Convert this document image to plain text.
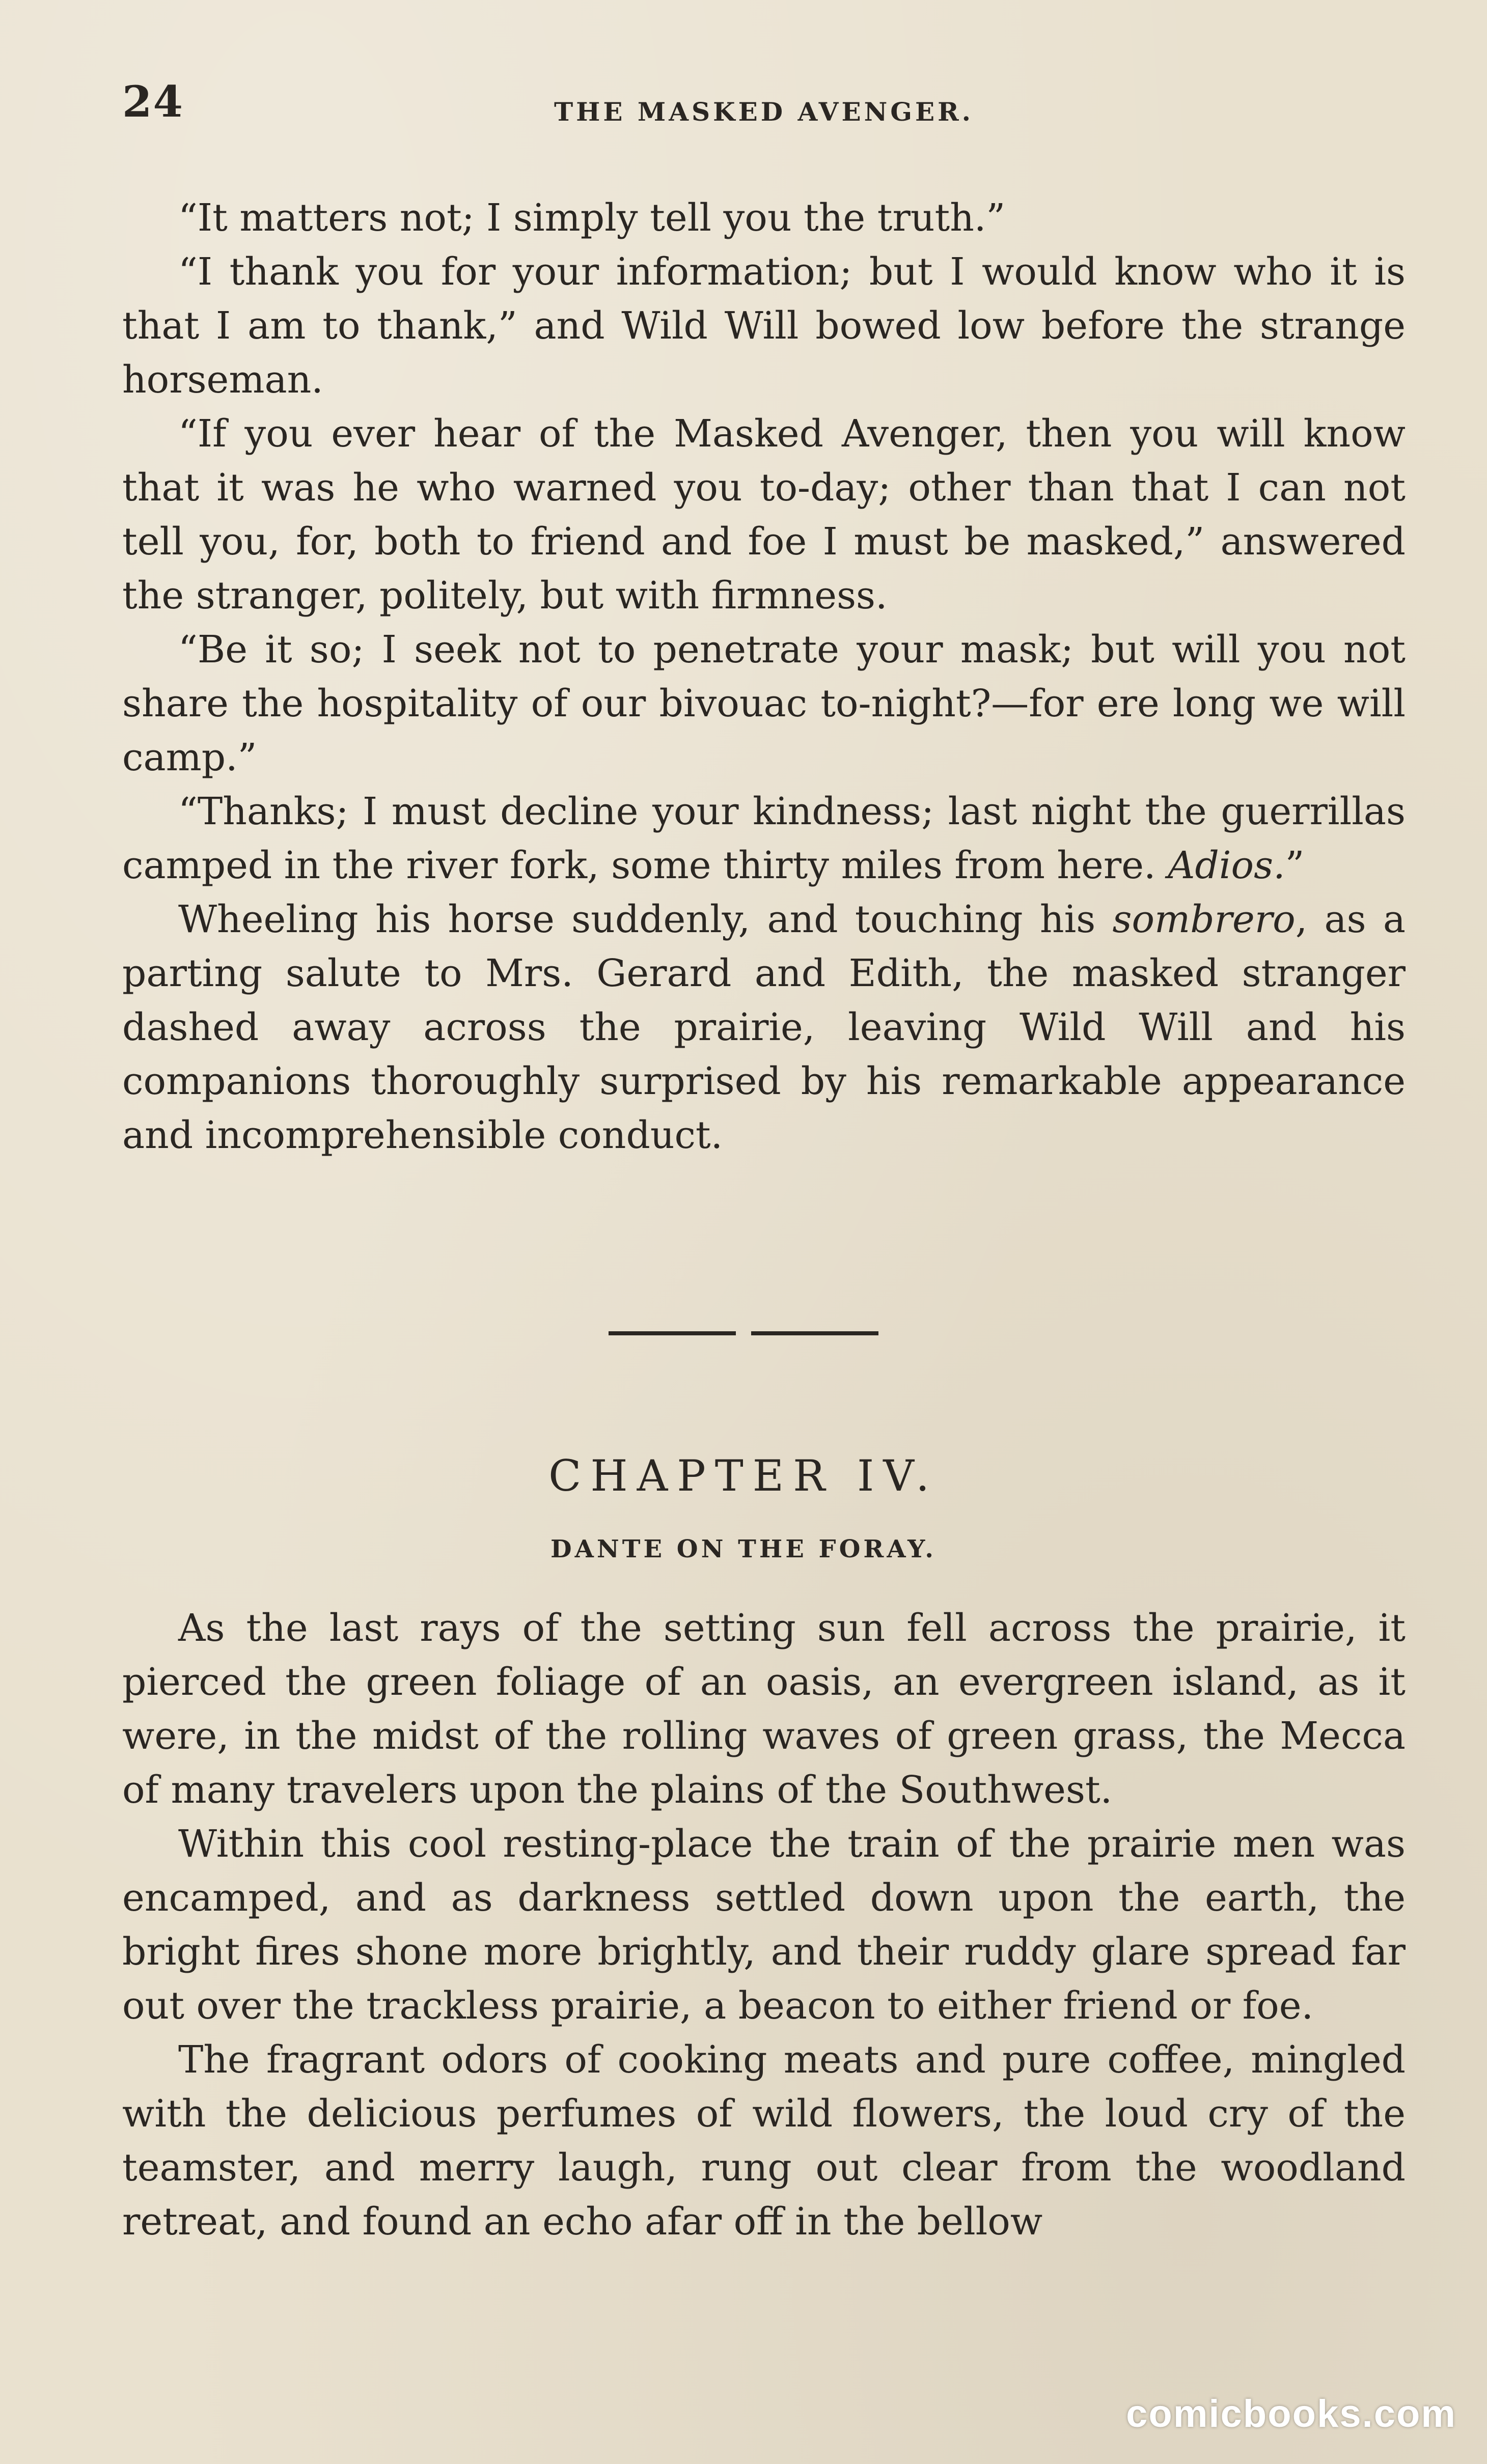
24	THE MASKED AVENGER.

“It matters not; I simply tell you the truth.”

“I thank you for your information; but I would know who it is that I am to thank,” and Wild Will bowed low before the strange horseman.

“If you ever hear of the Masked Avenger, then you will know that it was he who warned you to-day; other than that I can not tell you, for, both to friend and foe I must be masked,” answered the stranger, politely, but with firmness.

“Be it so; I seek not to penetrate your mask; but will you not share the hospitality of our bivouac to-night?—for ere long we will camp.”

“Thanks; I must decline your kindness; last night the guerrillas camped in the river fork, some thirty miles from here. Adios.”

Wheeling his horse suddenly, and touching his sombrero, as a parting salute to Mrs. Gerard and Edith, the masked stranger dashed away across the prairie, leaving Wild Will and his companions thoroughly surprised by his remarkable appearance and incomprehensible conduct.

CHAPTER IV.
DANTE ON THE FORAY.

As the last rays of the setting sun fell across the prairie, it pierced the green foliage of an oasis, an evergreen island, as it were, in the midst of the rolling waves of green grass, the Mecca of many travelers upon the plains of the Southwest.

Within this cool resting-place the train of the prairie men was encamped, and as darkness settled down upon the earth, the bright fires shone more brightly, and their ruddy glare spread far out over the trackless prairie, a beacon to either friend or foe.

The fragrant odors of cooking meats and pure coffee, mingled with the delicious perfumes of wild flowers, the loud cry of the teamster, and merry laugh, rung out clear from the woodland retreat, and found an echo afar off in the bellow

comicbooks.com
